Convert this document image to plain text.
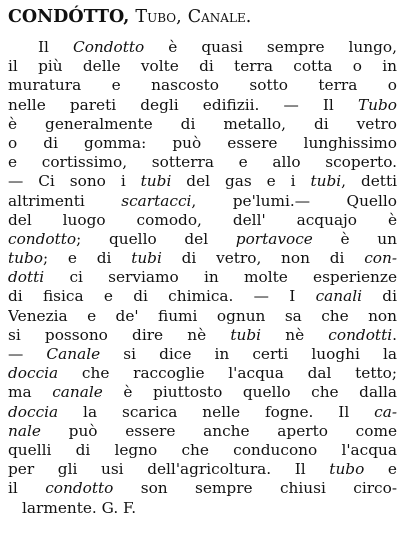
CONDÓTTO, Tubo, Canale.
Il Condotto è quasi sempre lungo,
il più delle volte di terra cotta o in
muratura e nascosto sotto terra o
nelle pareti degli edifizii. — Il Tubo
è generalmente di metallo, di vetro
o di gomma: può essere lunghissimo
e cortissimo, sotterra e allo scoperto.
— Ci sono i tubi del gas e i tubi, detti
altrimenti scartacci, pe'lumi.— Quello
del luogo comodo, dell' acquajo è
condotto; quello del portavoce è un
tubo; e di tubi di vetro, non di con-
dotti ci serviamo in molte esperienze
di fisica e di chimica. — I canali di
Venezia e de' fiumi ognun sa che non
si possono dire nè tubi nè condotti.
— Canale si dice in certi luoghi la
doccia che raccoglie l'acqua dal tetto;
ma canale è piuttosto quello che dalla
doccia la scarica nelle fogne. Il ca-
nale può essere anche aperto come
quelli di legno che conducono l'acqua
per gli usi dell'agricoltura. Il tubo e
il condotto son sempre chiusi circo-
larmente. G. F.
